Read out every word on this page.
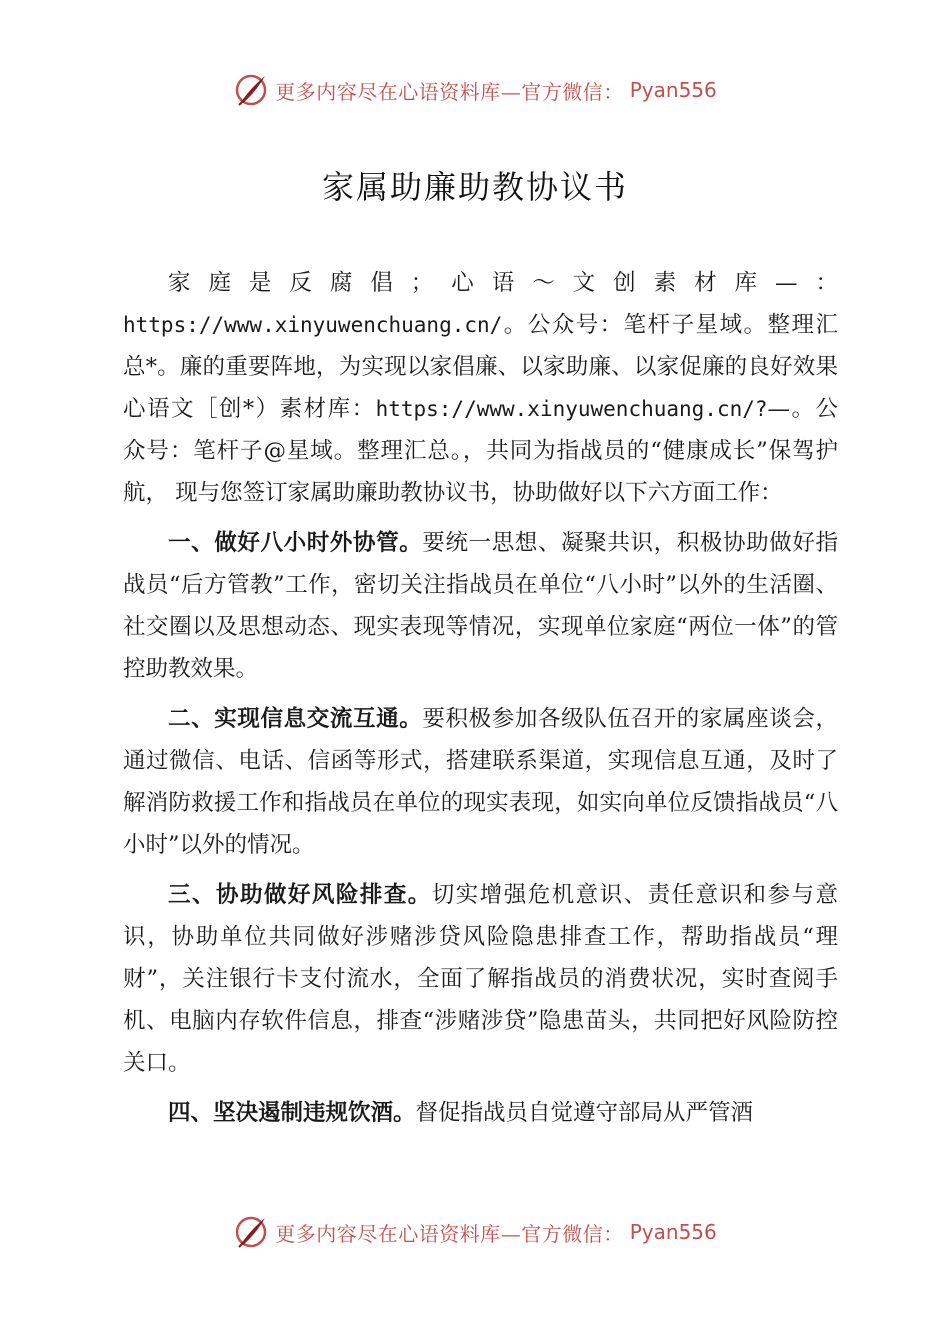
更多内容尽在心语资料库—官方微信： Pyan556
家属助廉助教协议书

家庭是反腐倡；心语～文创素材库—：https://www.xinyuwenchuang.cn/。公众号：笔杆子星域。整理汇总*。廉的重要阵地，为实现以家倡廉、以家助廉、以家促廉的良好效果心语文［创*）素材库：https://www.xinyuwenchuang.cn/?—。公众号：笔杆子@星域。整理汇总。，共同为指战员的“健康成长”保驾护航， 现与您签订家属助廉助教协议书，协助做好以下六方面工作：

一、做好八小时外协管。要统一思想、凝聚共识，积极协助做好指战员“后方管教”工作，密切关注指战员在单位“八小时”以外的生活圈、社交圈以及思想动态、现实表现等情况，实现单位家庭“两位一体”的管控助教效果。

二、实现信息交流互通。要积极参加各级队伍召开的家属座谈会，通过微信、电话、信函等形式，搭建联系渠道，实现信息互通，及时了解消防救援工作和指战员在单位的现实表现，如实向单位反馈指战员“八小时”以外的情况。

三、协助做好风险排查。切实增强危机意识、责任意识和参与意识，协助单位共同做好涉赌涉贷风险隐患排查工作，帮助指战员“理财”，关注银行卡支付流水，全面了解指战员的消费状况，实时查阅手机、电脑内存软件信息，排查“涉赌涉贷”隐患苗头，共同把好风险防控关口。

四、坚决遏制违规饮酒。督促指战员自觉遵守部局从严管酒

更多内容尽在心语资料库—官方微信： Pyan556
